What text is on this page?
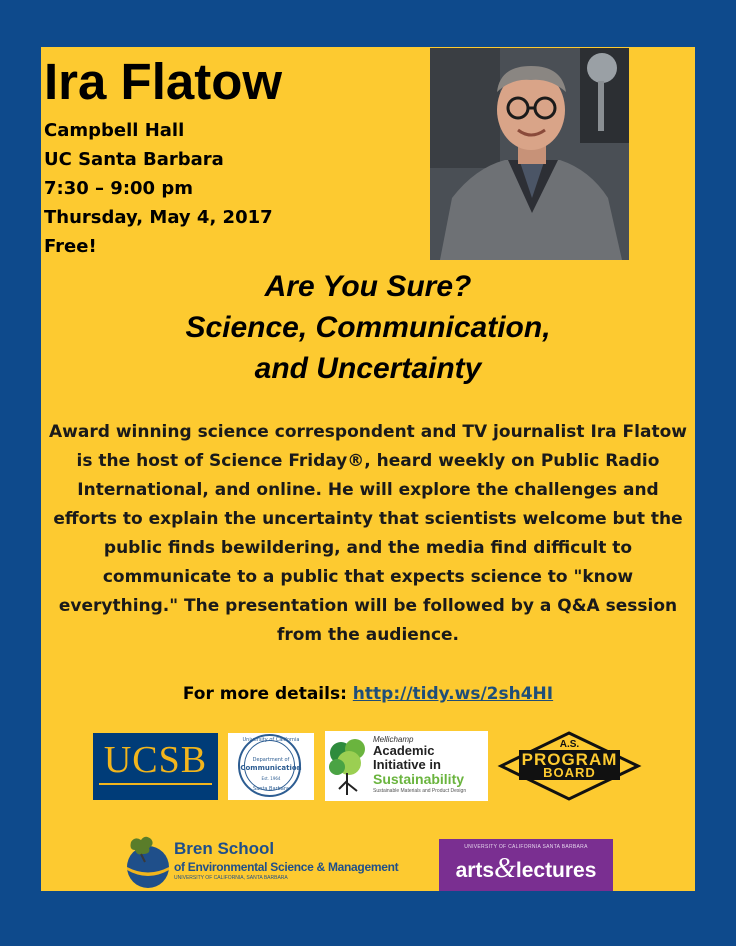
Ira Flatow
Campbell Hall
UC Santa Barbara
7:30 – 9:00 pm
Thursday, May 4, 2017
Free!
Are You Sure?
Science, Communication,
and Uncertainty

Award winning science correspondent and TV journalist Ira Flatow is the host of Science Friday®, heard weekly on Public Radio International, and online. He will explore the challenges and efforts to explain the uncertainty that scientists welcome but the public finds bewildering, and the media find difficult to communicate to a public that expects science to "know everything." The presentation will be followed by a Q&A session from the audience.

For more details: http://tidy.ws/2sh4HI
UCSB	University of California
Department of
Communication
Est. 1964
Santa Barbara
Mellichamp
Academic
Initiative in
Sustainability
Sustainable Materials and Product Design
A.S.
PROGRAM
BOARD
Bren School
of Environmental Science & Management
UNIVERSITY OF CALIFORNIA, SANTA BARBARA
UNIVERSITY OF CALIFORNIA SANTA BARBARA
arts&lectures
